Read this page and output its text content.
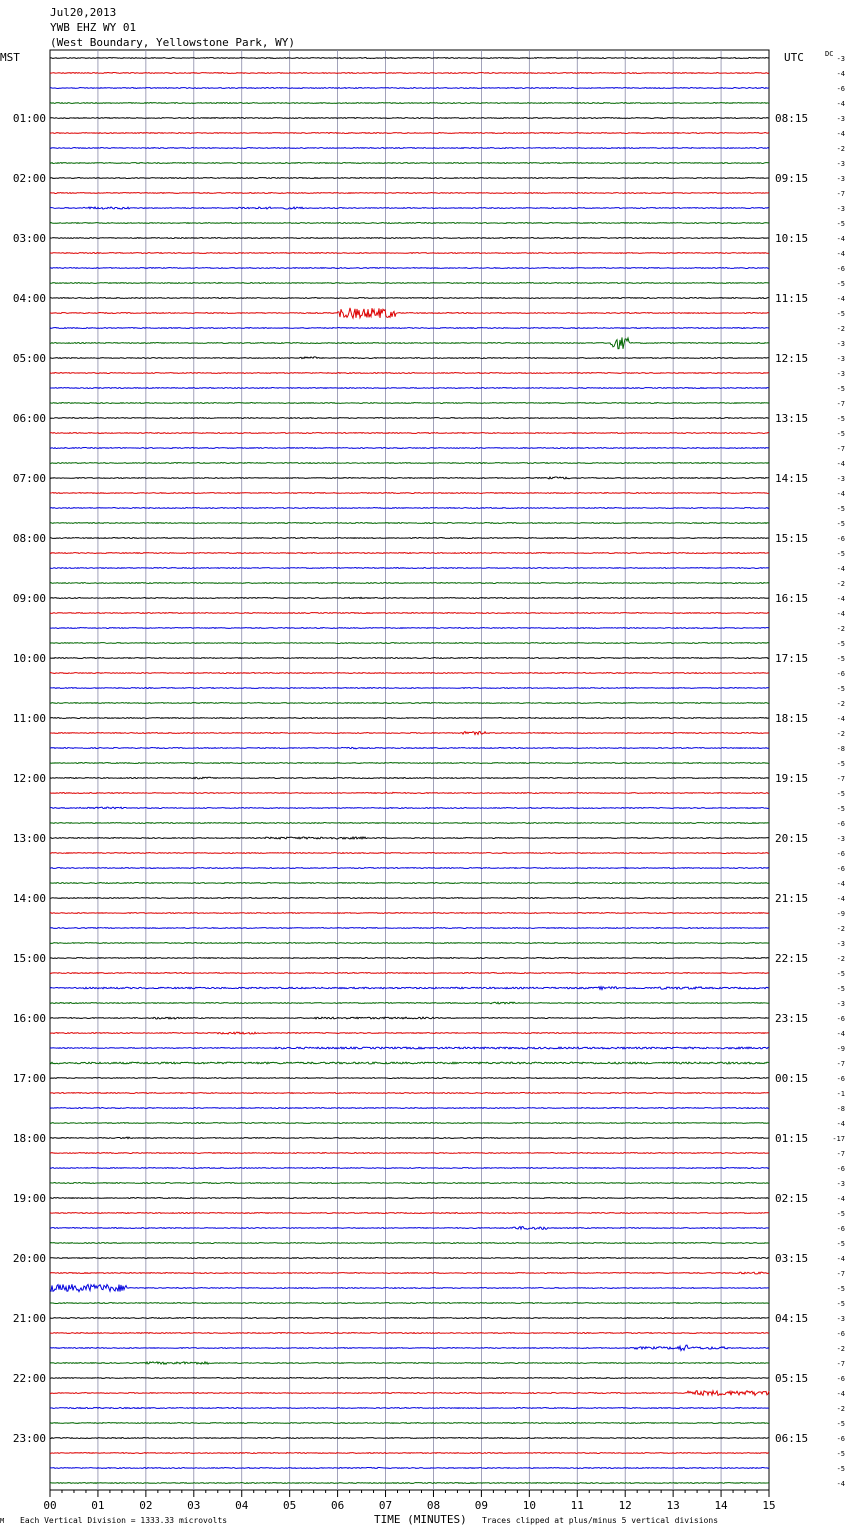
Jul20,2013
YWB EHZ WY 01
(West Boundary, Yellowstone Park, WY)
MST	UTC	DC
01:00
02:00
03:00
04:00
05:00
06:00
07:00
08:00
09:00
10:00
11:00
12:00
13:00
14:00
15:00
16:00
17:00
18:00
19:00
20:00
21:00
22:00
23:00
08:15
09:15
10:15
11:15
12:15
13:15
14:15
15:15
16:15
17:15
18:15
19:15
20:15
21:15
22:15
23:15
00:15
01:15
02:15
03:15
04:15
05:15
06:15
-3
-4
-6
-4
-3
-4
-2
-3
-3
-7
-3
-5
-4
-4
-6
-5
-4
-5
-2
-3
-3
-3
-5
-7
-5
-5
-7
-4
-3
-4
-5
-5
-6
-5
-4
-2
-4
-4
-2
-5
-5
-6
-5
-2
-4
-2
-8
-5
-7
-5
-5
-6
-3
-6
-6
-4
-4
-9
-2
-3
-2
-5
-5
-3
-6
-4
-9
-7
-6
-1
-8
-4
-17
-7
-6
-3
-4
-5
-6
-5
-4
-7
-5
-5
-3
-6
-2
-7
-6
-4
-2
-5
-6
-5
-5
-4
00	01	02	03	04	05	06	07	08	09	10	11	12	13	14	15
M Each Vertical Division = 1333.33 microvolts	TIME (MINUTES) Traces clipped at plus/minus 5 vertical divisions
